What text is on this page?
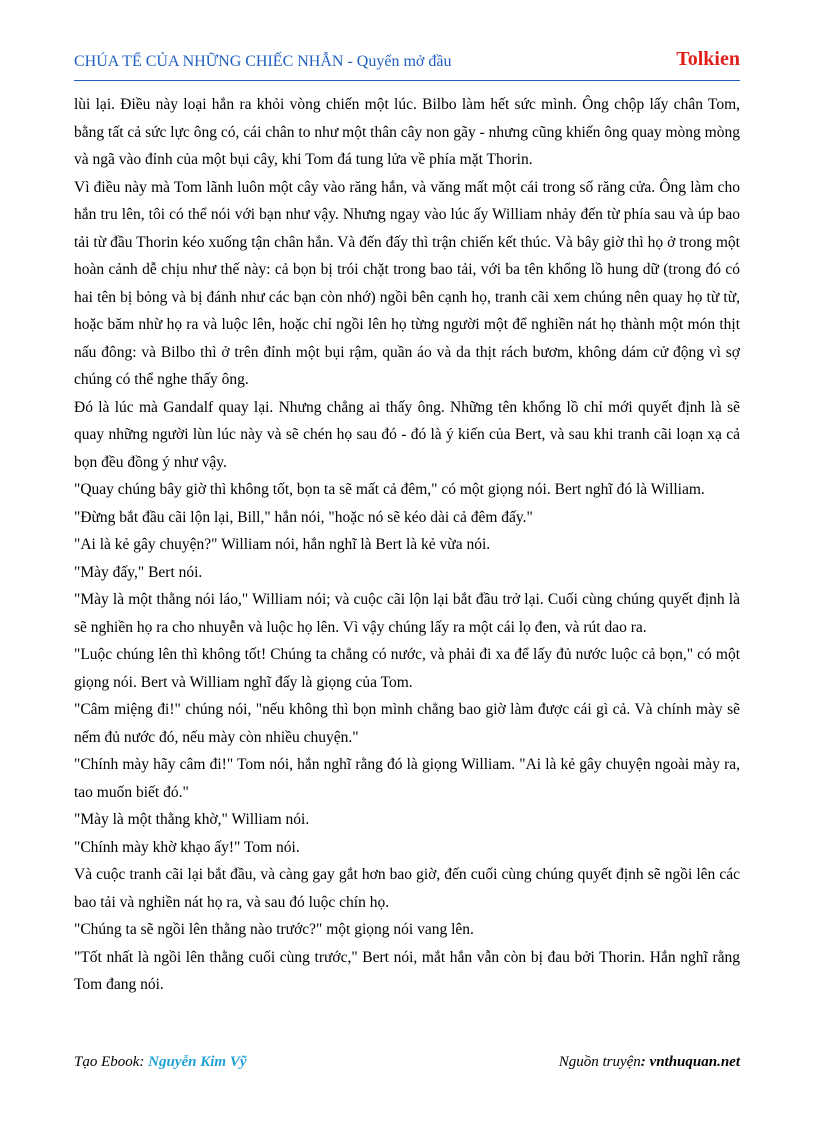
CHÚA TỂ CỦA NHỮNG CHIẾC NHẪN - Quyển mở đầu	Tolkien

lùi lại. Điều này loại hắn ra khỏi vòng chiến một lúc. Bilbo làm hết sức mình. Ông chộp lấy chân Tom, bằng tất cả sức lực ông có, cái chân to như một thân cây non gãy - nhưng cũng khiến ông quay mòng mòng và ngã vào đỉnh của một bụi cây, khi Tom đá tung lửa về phía mặt Thorin.

Vì điều này mà Tom lãnh luôn một cây vào răng hắn, và văng mất một cái trong số răng cửa. Ông làm cho hắn tru lên, tôi có thể nói với bạn như vậy. Nhưng ngay vào lúc ấy William nhảy đến từ phía sau và úp bao tải từ đầu Thorin kéo xuống tận chân hắn. Và đến đấy thì trận chiến kết thúc. Và bây giờ thì họ ở trong một hoàn cảnh dễ chịu như thế này: cả bọn bị trói chặt trong bao tải, với ba tên khổng lồ hung dữ (trong đó có hai tên bị bỏng và bị đánh như các bạn còn nhớ) ngồi bên cạnh họ, tranh cãi xem chúng nên quay họ từ từ, hoặc băm nhừ họ ra và luộc lên, hoặc chỉ ngồi lên họ từng người một để nghiền nát họ thành một món thịt nấu đông: và Bilbo thì ở trên đỉnh một bụi rậm, quần áo và da thịt rách bươm, không dám cử động vì sợ chúng có thể nghe thấy ông.

Đó là lúc mà Gandalf quay lại. Nhưng chẳng ai thấy ông. Những tên khổng lồ chỉ mới quyết định là sẽ quay những người lùn lúc này và sẽ chén họ sau đó - đó là ý kiến của Bert, và sau khi tranh cãi loạn xạ cả bọn đều đồng ý như vậy.

"Quay chúng bây giờ thì không tốt, bọn ta sẽ mất cả đêm," có một giọng nói. Bert nghĩ đó là William.

"Đừng bắt đầu cãi lộn lại, Bill," hắn nói, "hoặc nó sẽ kéo dài cả đêm đấy."

"Ai là kẻ gây chuyện?" William nói, hắn nghĩ là Bert là kẻ vừa nói.

"Mày đấy," Bert nói.

"Mày là một thằng nói láo," William nói; và cuộc cãi lộn lại bắt đầu trở lại. Cuối cùng chúng quyết định là sẽ nghiền họ ra cho nhuyễn và luộc họ lên. Vì vậy chúng lấy ra một cái lọ đen, và rút dao ra.

"Luộc chúng lên thì không tốt! Chúng ta chẳng có nước, và phải đi xa để lấy đủ nước luộc cả bọn," có một giọng nói. Bert và William nghĩ đấy là giọng của Tom.

"Câm miệng đi!" chúng nói, "nếu không thì bọn mình chẳng bao giờ làm được cái gì cả. Và chính mày sẽ nếm đủ nước đó, nếu mày còn nhiều chuyện."

"Chính mày hãy câm đi!" Tom nói, hắn nghĩ rằng đó là giọng William. "Ai là kẻ gây chuyện ngoài mày ra, tao muốn biết đó."

"Mày là một thằng khờ," William nói.

"Chính mày khờ khạo ấy!" Tom nói.

Và cuộc tranh cãi lại bắt đầu, và càng gay gắt hơn bao giờ, đến cuối cùng chúng quyết định sẽ ngồi lên các bao tải và nghiền nát họ ra, và sau đó luộc chín họ.

"Chúng ta sẽ ngồi lên thằng nào trước?" một giọng nói vang lên.

"Tốt nhất là ngồi lên thằng cuối cùng trước," Bert nói, mắt hắn vẫn còn bị đau bởi Thorin. Hắn nghĩ rằng Tom đang nói.

Tạo Ebook: Nguyễn Kim Vỹ	Nguồn truyện: vnthuquan.net
